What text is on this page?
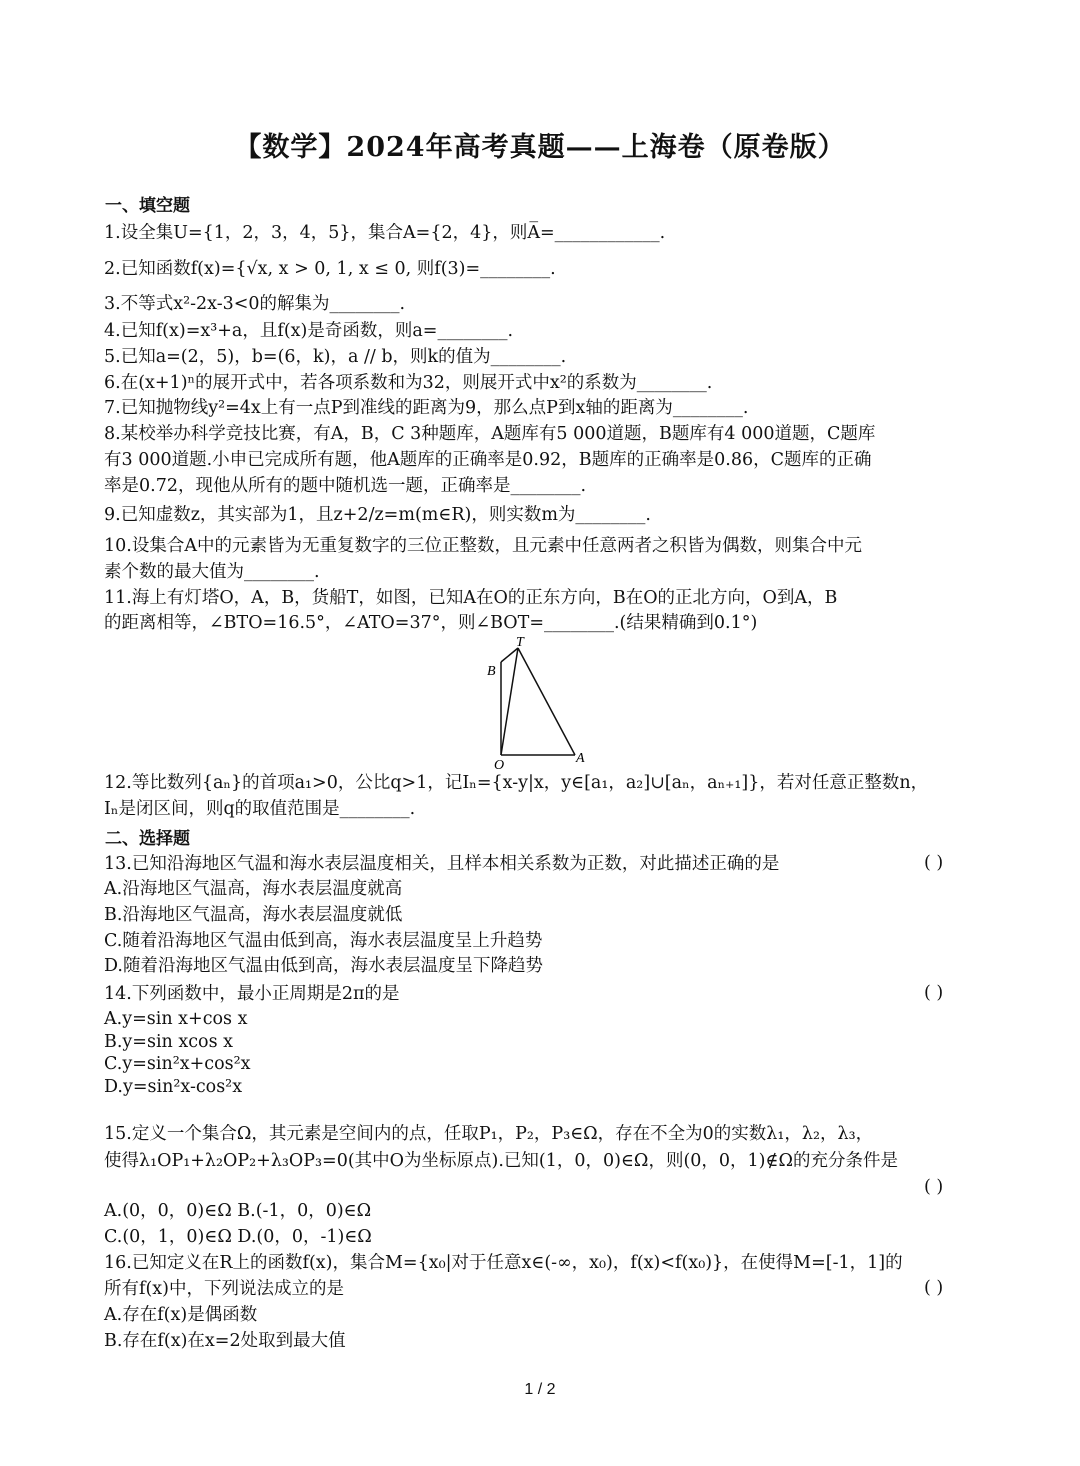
【数学】2024年高考真题——上海卷（原卷版）
一、填空题
1.设全集U={1，2，3，4，5}，集合A={2，4}，则A̅=____________.
2.已知函数f(x)={√x, x > 0, 1, x ≤ 0, 则f(3)=________.
3.不等式x²-2x-3<0的解集为________.
4.已知f(x)=x³+a，且f(x)是奇函数，则a=________.
5.已知a=(2，5)，b=(6，k)，a // b，则k的值为________.
6.在(x+1)ⁿ的展开式中，若各项系数和为32，则展开式中x²的系数为________.
7.已知抛物线y²=4x上有一点P到准线的距离为9，那么点P到x轴的距离为________.
8.某校举办科学竞技比赛，有A，B，C 3种题库，A题库有5 000道题，B题库有4 000道题，C题库
有3 000道题.小申已完成所有题，他A题库的正确率是0.92，B题库的正确率是0.86，C题库的正确
率是0.72，现他从所有的题中随机选一题，正确率是________.
9.已知虚数z，其实部为1，且z+2/z=m(m∈R)，则实数m为________.
10.设集合A中的元素皆为无重复数字的三位正整数，且元素中任意两者之积皆为偶数，则集合中元
素个数的最大值为________.
11.海上有灯塔O，A，B，货船T，如图，已知A在O的正东方向，B在O的正北方向，O到A，B
的距离相等，∠BTO=16.5°，∠ATO=37°，则∠BOT=________.(结果精确到0.1°)
T
B
O	A
12.等比数列{aₙ}的首项a₁>0，公比q>1，记Iₙ={x-y|x，y∈[a₁，a₂]∪[aₙ，aₙ₊₁]}，若对任意正整数n，
Iₙ是闭区间，则q的取值范围是________.
二、选择题
13.已知沿海地区气温和海水表层温度相关，且样本相关系数为正数，对此描述正确的是	( )
A.沿海地区气温高，海水表层温度就高
B.沿海地区气温高，海水表层温度就低
C.随着沿海地区气温由低到高，海水表层温度呈上升趋势
D.随着沿海地区气温由低到高，海水表层温度呈下降趋势
14.下列函数中，最小正周期是2π的是	( )
A.y=sin x+cos x
B.y=sin xcos x
C.y=sin²x+cos²x
D.y=sin²x-cos²x
15.定义一个集合Ω，其元素是空间内的点，任取P₁，P₂，P₃∈Ω，存在不全为0的实数λ₁，λ₂，λ₃，
使得λ₁OP₁+λ₂OP₂+λ₃OP₃=0(其中O为坐标原点).已知(1，0，0)∈Ω，则(0，0，1)∉Ω的充分条件是
( )
A.(0，0，0)∈Ω B.(-1，0，0)∈Ω
C.(0，1，0)∈Ω D.(0，0，-1)∈Ω
16.已知定义在R上的函数f(x)，集合M={x₀|对于任意x∈(-∞，x₀)，f(x)<f(x₀)}，在使得M=[-1，1]的
所有f(x)中，下列说法成立的是	( )
A.存在f(x)是偶函数
B.存在f(x)在x=2处取到最大值
1 / 2
